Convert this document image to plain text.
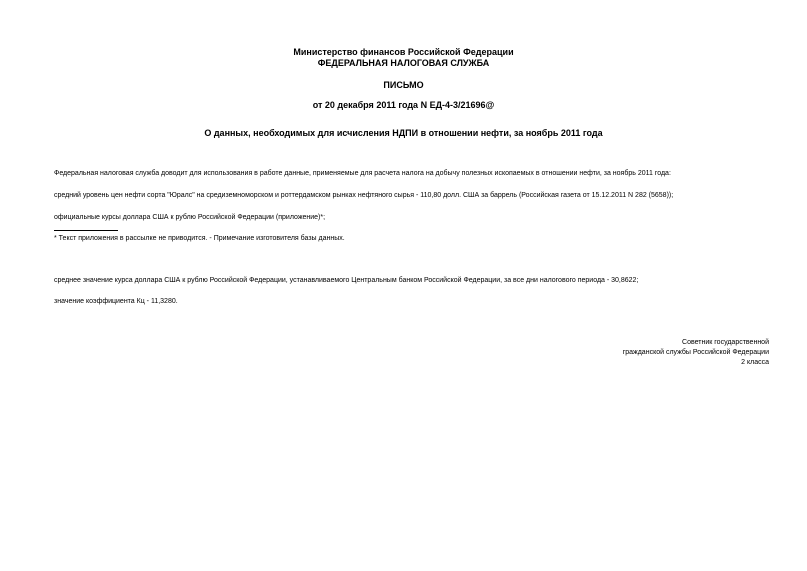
Министерство финансов Российской Федерации
ФЕДЕРАЛЬНАЯ НАЛОГОВАЯ СЛУЖБА
ПИСЬМО
от 20 декабря 2011 года N ЕД-4-3/21696@
О данных, необходимых для исчисления НДПИ в отношении нефти, за ноябрь 2011 года
Федеральная налоговая служба доводит для использования в работе данные, применяемые для расчета налога на добычу полезных ископаемых в отношении нефти, за ноябрь 2011 года:
средний уровень цен нефти сорта "Юралс" на средиземноморском и роттердамском рынках нефтяного сырья - 110,80 долл. США за баррель (Российская газета от 15.12.2011 N 282 (5658));
официальные курсы доллара США к рублю Российской Федерации (приложение)*;
* Текст приложения в рассылке не приводится. - Примечание изготовителя базы данных.
среднее значение курса доллара США к рублю Российской Федерации, устанавливаемого Центральным банком Российской Федерации, за все дни налогового периода - 30,8622;
значение коэффициента Кц - 11,3280.
Советник государственной
гражданской службы Российской Федерации
2 класса
